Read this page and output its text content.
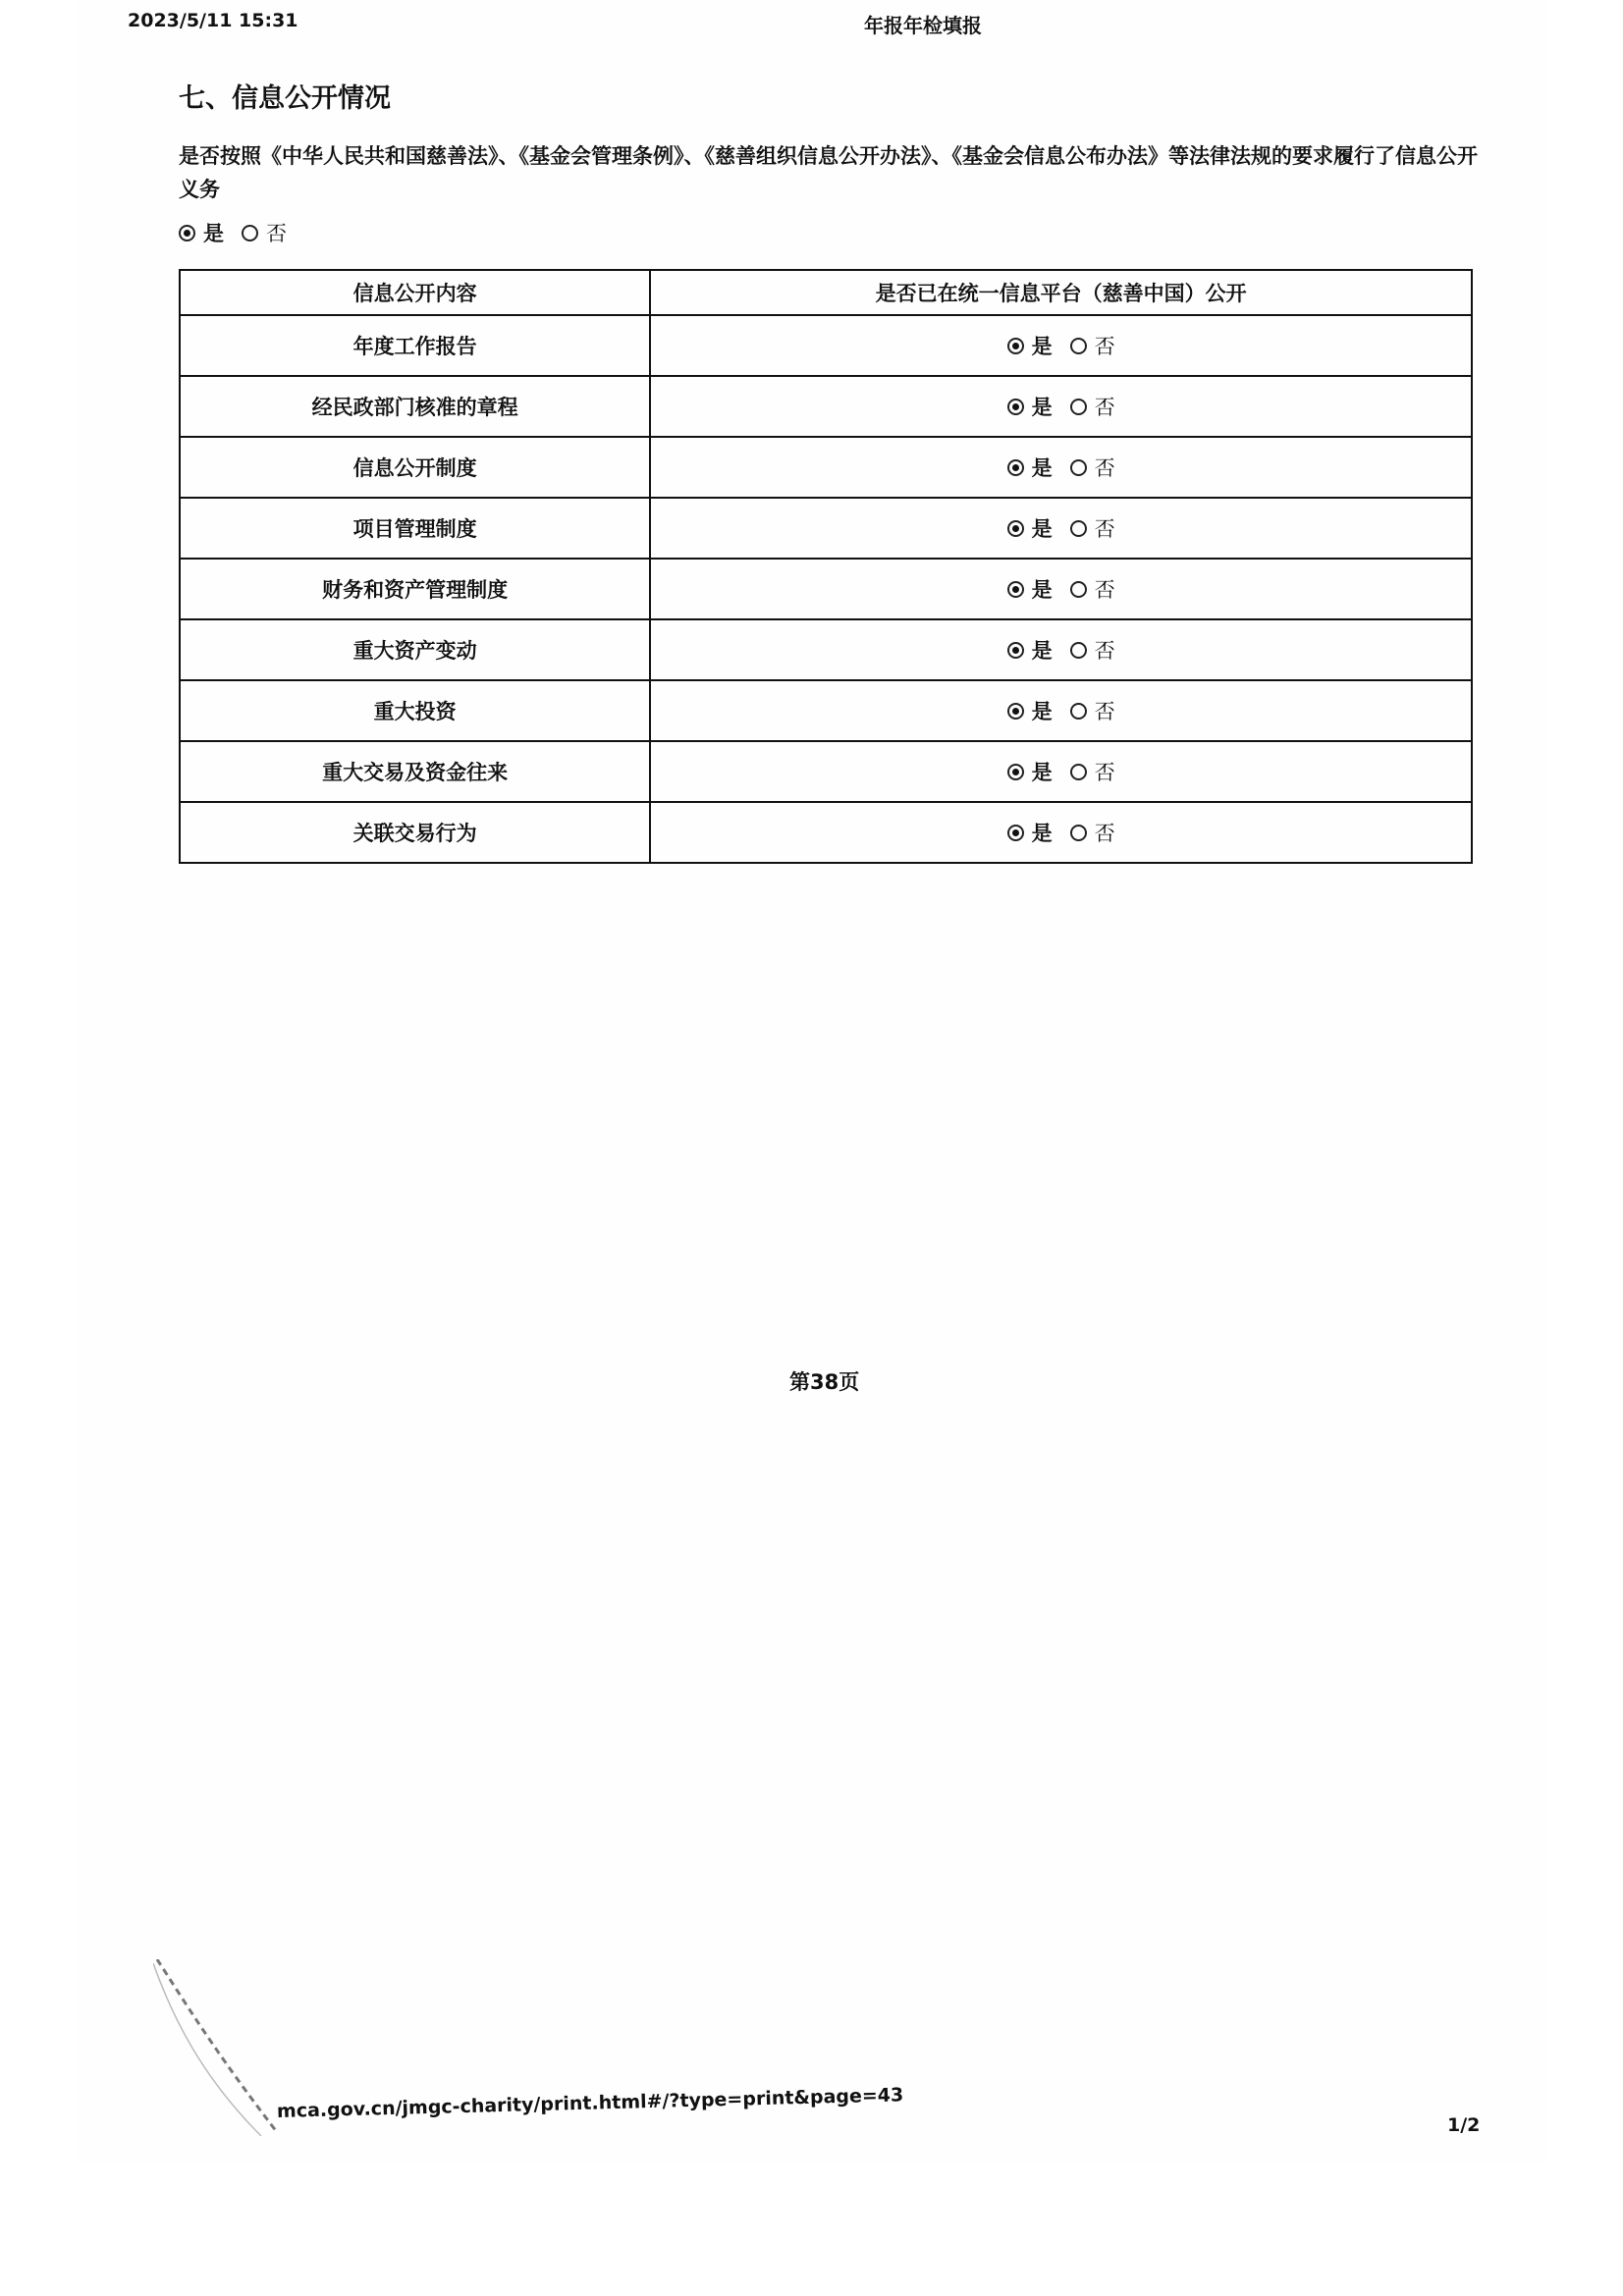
2023/5/11 15:31	年报年检填报
七、信息公开情况
是否按照《中华人民共和国慈善法》、《基金会管理条例》、《慈善组织信息公开办法》、《基金会信息公布办法》等法律法规的要求履行了信息公开义务
是 否
信息公开内容	是否已在统一信息平台（慈善中国）公开
年度工作报告	是 否

经民政部门核准的章程	是 否

信息公开制度	是 否

项目管理制度	是 否

财务和资产管理制度	是 否

重大资产变动	是 否

重大投资	是 否

重大交易及资金往来	是 否

关联交易行为	是 否
第38页
mca.gov.cn/jmgc-charity/print.html#/?type=print&page=43
1/2
